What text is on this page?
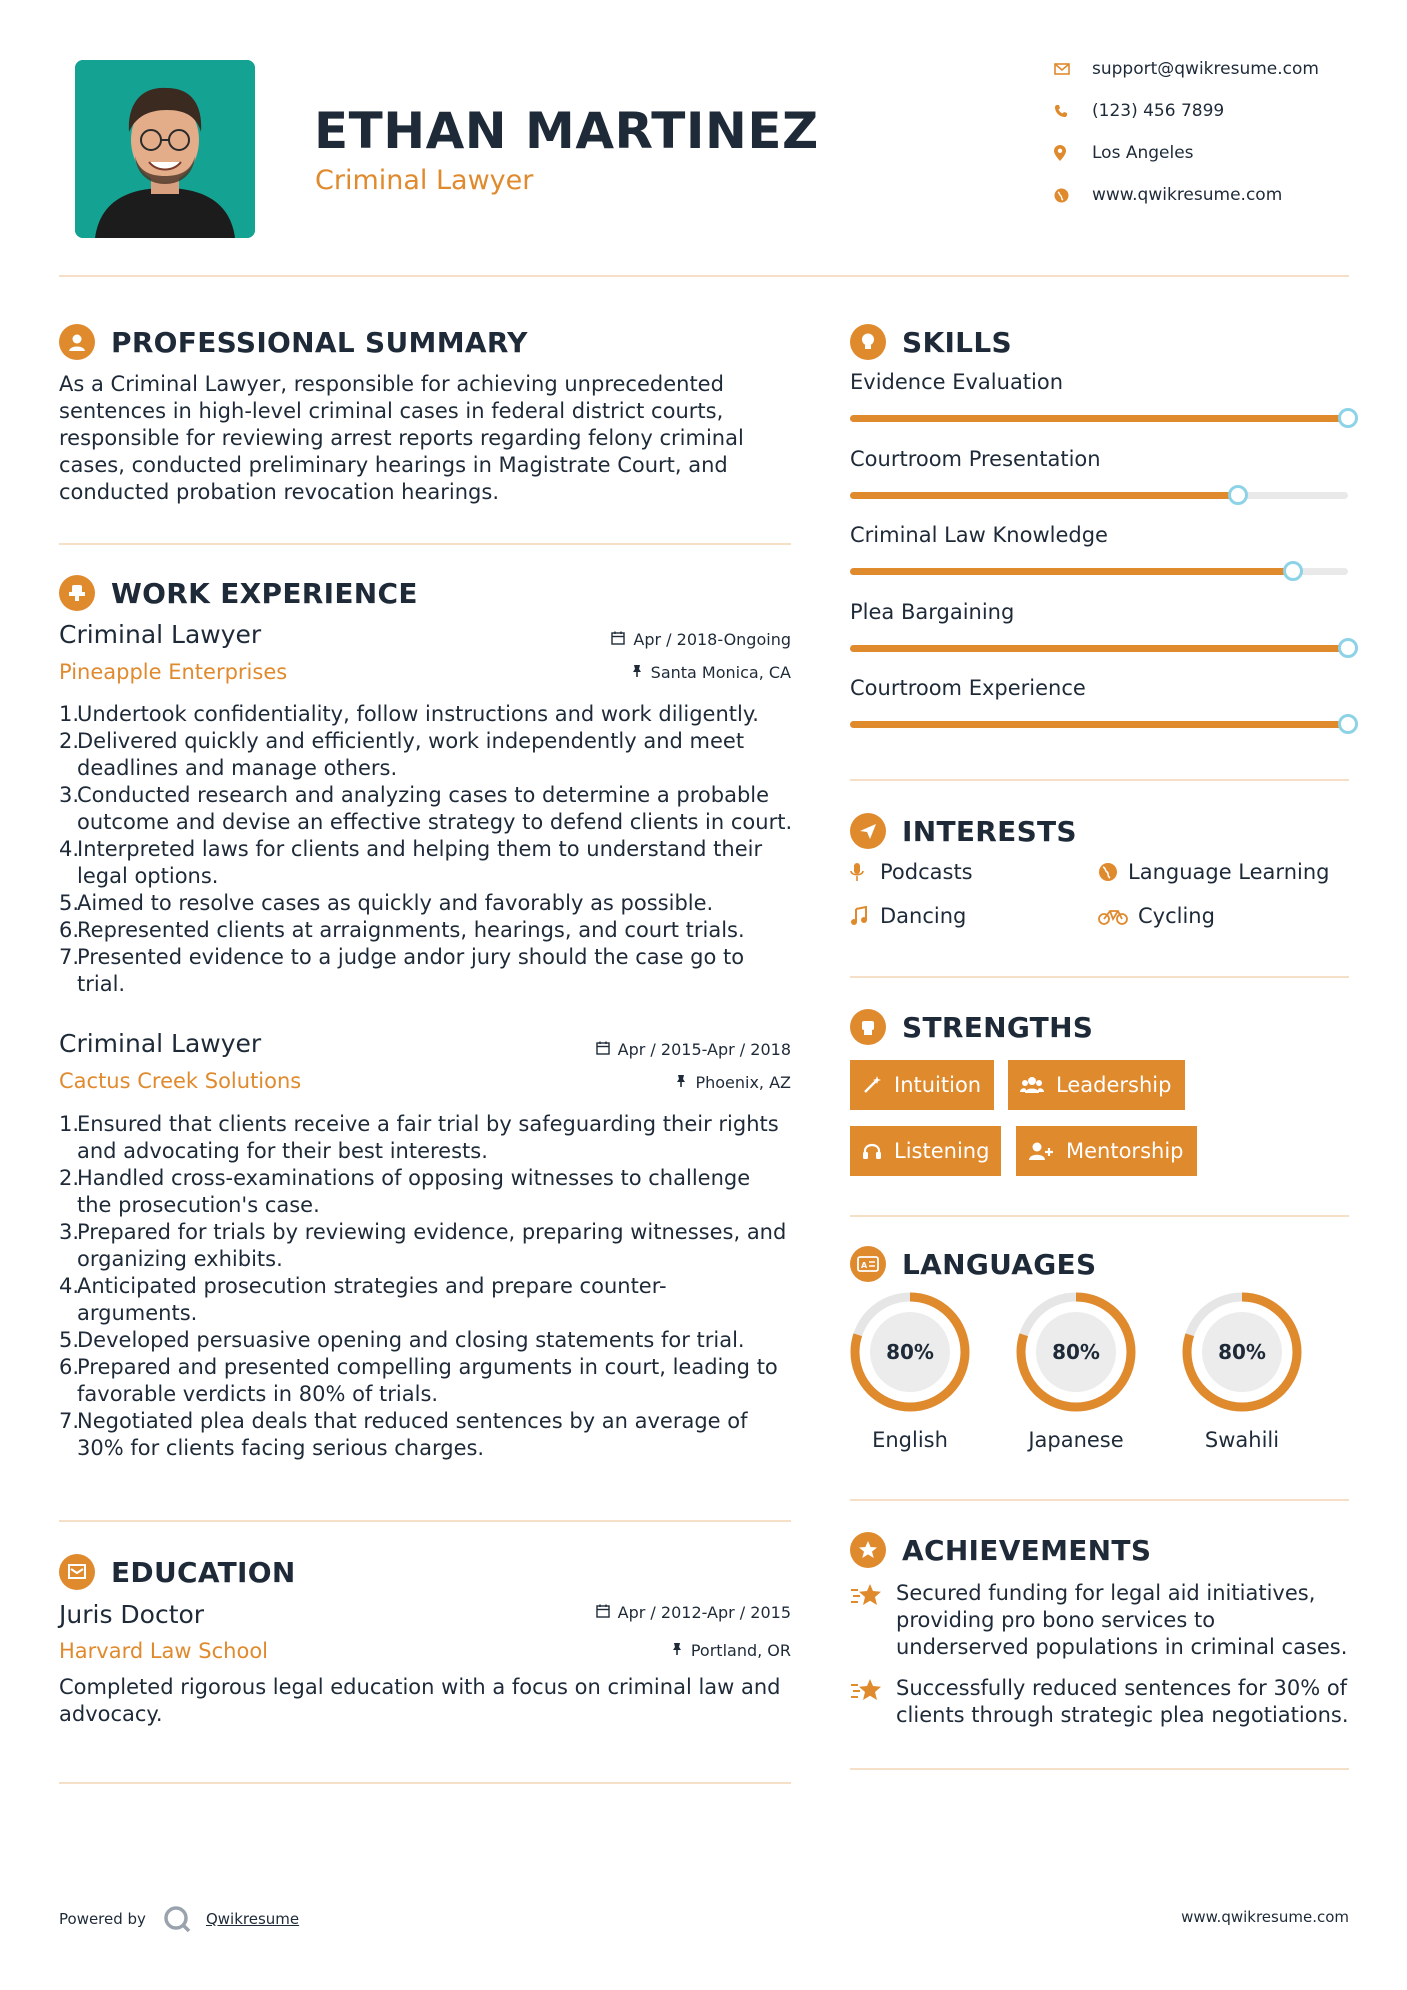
ETHAN MARTINEZ
Criminal Lawyer
support@qwikresume.com
(123) 456 7899
Los Angeles
www.qwikresume.com
PROFESSIONAL SUMMARY
As a Criminal Lawyer, responsible for achieving unprecedented
sentences in high-level criminal cases in federal district courts,
responsible for reviewing arrest reports regarding felony criminal
cases, conducted preliminary hearings in Magistrate Court, and
conducted probation revocation hearings.
WORK EXPERIENCE
Criminal Lawyer
Pineapple Enterprises
Apr / 2018-Ongoing
Santa Monica, CA
1.
Undertook confidentiality, follow instructions and work diligently.
2.
Delivered quickly and efficiently, work independently and meet
deadlines and manage others.
3.
Conducted research and analyzing cases to determine a probable
outcome and devise an effective strategy to defend clients in court.
4.
Interpreted laws for clients and helping them to understand their
legal options.
5.
Aimed to resolve cases as quickly and favorably as possible.
6.
Represented clients at arraignments, hearings, and court trials.
7.
Presented evidence to a judge andor jury should the case go to
trial.
Criminal Lawyer
Cactus Creek Solutions
Apr / 2015-Apr / 2018
Phoenix, AZ
1.
Ensured that clients receive a fair trial by safeguarding their rights
and advocating for their best interests.
2.
Handled cross-examinations of opposing witnesses to challenge
the prosecution's case.
3.
Prepared for trials by reviewing evidence, preparing witnesses, and
organizing exhibits.
4.
Anticipated prosecution strategies and prepare counter-
arguments.
5.
Developed persuasive opening and closing statements for trial.
6.
Prepared and presented compelling arguments in court, leading to
favorable verdicts in 80% of trials.
7.
Negotiated plea deals that reduced sentences by an average of
30% for clients facing serious charges.
EDUCATION
Juris Doctor
Harvard Law School
Apr / 2012-Apr / 2015
Portland, OR
Completed rigorous legal education with a focus on criminal law and
advocacy.
SKILLS
Evidence Evaluation
Courtroom Presentation
Criminal Law Knowledge
Plea Bargaining
Courtroom Experience
INTERESTS
Podcasts	Language Learning
Dancing	Cycling
STRENGTHS
Intuition	Leadership
Listening	Mentorship
A LANGUAGES
80%
English
80%
Japanese
80%
Swahili
ACHIEVEMENTS
Secured funding for legal aid initiatives,
providing pro bono services to
underserved populations in criminal cases.
Successfully reduced sentences for 30% of
clients through strategic plea negotiations.
Powered by	Qwikresume	www.qwikresume.com
